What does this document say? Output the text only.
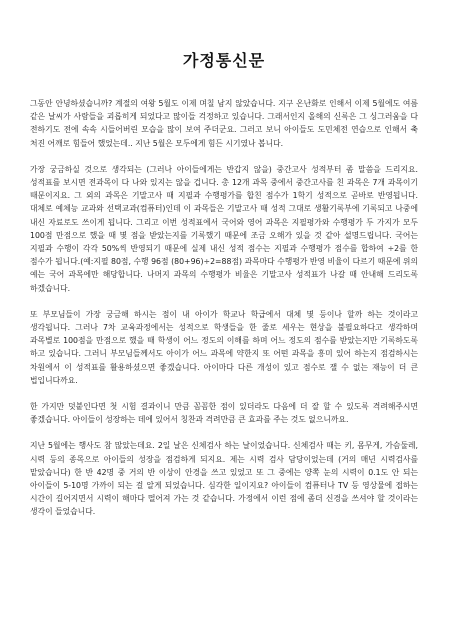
가정통신문

그동안 안녕하셨습니까? 계절의 여왕 5월도 이제 며칠 남지 않았습니다. 지구 온난화로 인해서 이제 5월에도 여름 같은 날씨가 사람들을 괴롭히게 되었다고 많이들 걱정하고 있습니다. 그래서인지 올해의 신록은 그 싱그러움을 다 전하기도 전에 속속 시들어버린 모습을 많이 보여 주더군요. 그러고 보니 아이들도 도민체전 연습으로 인해서 축 처진 어깨로 힘들어 했었는데.. 지난 5월은 모두에게 힘든 시기였나 봅니다.

가장 궁금하실 것으로 생각되는 (그러나 아이들에게는 반갑지 않을) 중간고사 성적부터 좀 말씀을 드리지요. 성적표를 보시면 전과목이 다 나와 있지는 않을 겁니다. 총 12개 과목 중에서 중간고사를 친 과목은 7개 과목이기 때문이지요. 그 외의 과목은 기말고사 때 지필과 수행평가를 합친 점수가 1학기 성적으로 곧바로 반영됩니다. 대체로 예체능 교과와 선택교과(컴퓨터)인데 이 과목들은 기말고사 때 성적 그대로 생활기록부에 기록되고 나중에 내신 자료로도 쓰이게 됩니다. 그리고 이번 성적표에서 국어와 영어 과목은 지필평가와 수행평가 두 가지가 모두 100점 만점으로 했을 때 몇 점을 받았는지를 기록했기 때문에 조금 오해가 있을 것 같아 설명드립니다. 국어는 지필과 수행이 각각 50%씩 반영되기 때문에 실제 내신 성적 점수는 지필과 수행평가 점수를 합하여 ÷2를 한 점수가 됩니다.(예:지필 80점, 수행 96점 (80+96)÷2=88점) 과목마다 수행평가 반영 비율이 다르기 때문에 위의 예는 국어 과목에만 해당합니다. 나머지 과목의 수행평가 비율은 기말고사 성적표가 나갈 때 안내해 드리도록 하겠습니다.

또 부모님들이 가장 궁금해 하시는 점이 내 아이가 학교나 학급에서 대체 몇 등이나 할까 하는 것이라고 생각됩니다. 그러나 7차 교육과정에서는 성적으로 학생들을 한 줄로 세우는 현상을 불필요하다고 생각하며 과목별로 100점을 만점으로 했을 때 학생이 어느 정도의 이해를 하며 어느 정도의 점수를 받았는지만 기록하도록 하고 있습니다. 그러니 부모님들께서도 아이가 어느 과목에 약한지 또 어떤 과목을 흥미 있어 하는지 점검하시는 차원에서 이 성적표를 활용하셨으면 좋겠습니다. 아이마다 다른 개성이 있고 점수로 잴 수 없는 재능이 더 큰 법입니다까요.

한 가지만 덧붙인다면 첫 시험 결과이니 만큼 꼼꼼한 점이 있더라도 다음에 더 잘 할 수 있도록 격려해주시면 좋겠습니다. 아이들이 성장하는 데에 있어서 칭찬과 격려만큼 큰 효과를 주는 것도 없으니까요.

지난 5월에는 행사도 참 많았는데요. 2일 날은 신체검사 하는 날이었습니다. 신체검사 때는 키, 몸무게, 가슴둘레, 시력 등의 종목으로 아이들의 성장을 점검하게 되지요. 제는 시력 검사 담당이었는데 (거의 매년 시력검사를 맡았습니다) 한 반 42명 중 거의 반 이상이 안경을 쓰고 있었고 또 그 중에는 양쪽 눈의 시력이 0.1도 안 되는 아이들이 5-10명 가까이 되는 걸 알게 되었습니다. 심각한 일이지요? 아이들이 컴퓨터나 TV 등 영상물에 접하는 시간이 길어지면서 시력이 해마다 떨어져 가는 것 같습니다. 가정에서 이런 점에 좀더 신경을 쓰셔야 할 것이라는 생각이 들었습니다.
